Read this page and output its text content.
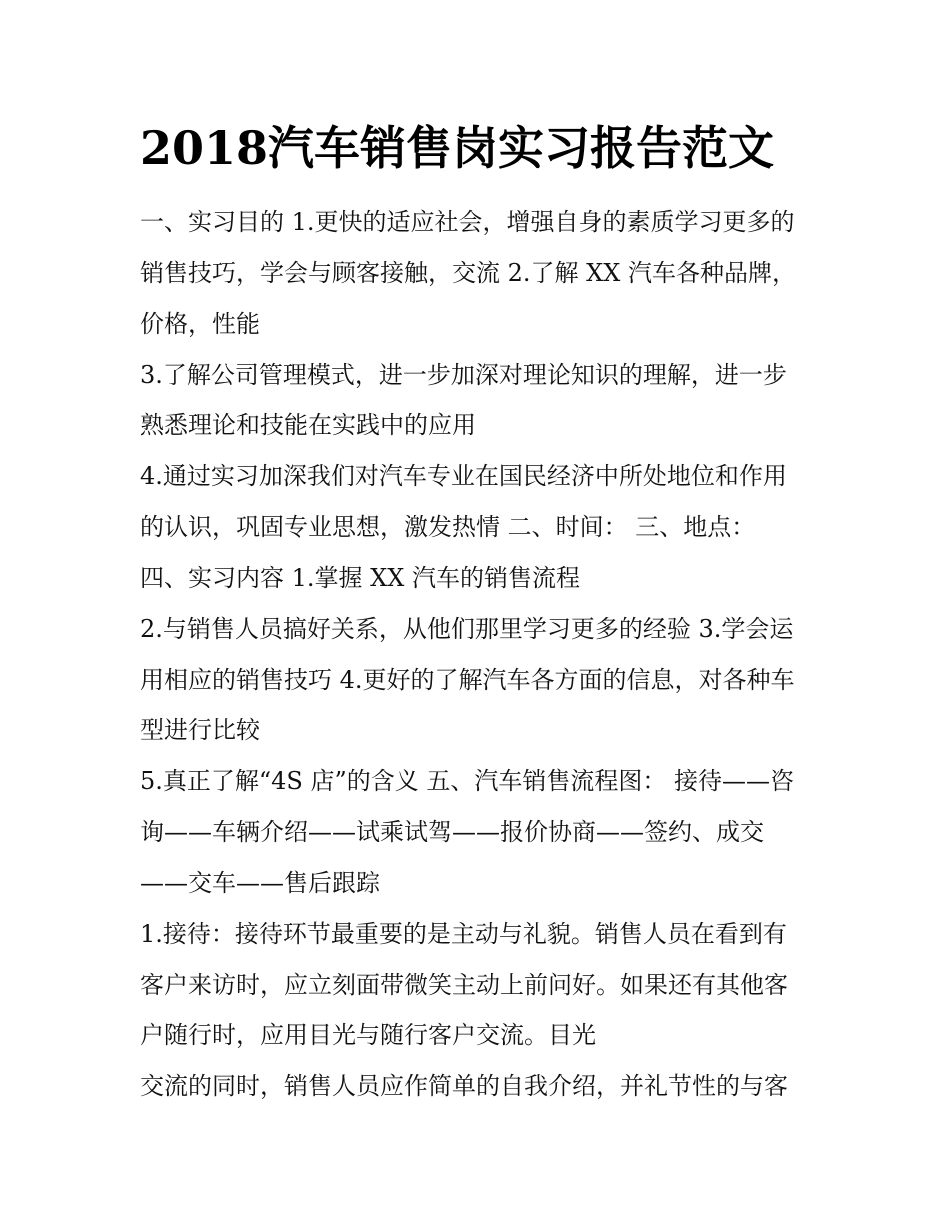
2018汽车销售岗实习报告范文

一、实习目的 1.更快的适应社会，增强自身的素质学习更多的

销售技巧，学会与顾客接触，交流 2.了解 XX 汽车各种品牌，

价格，性能

3.了解公司管理模式，进一步加深对理论知识的理解，进一步

熟悉理论和技能在实践中的应用

4.通过实习加深我们对汽车专业在国民经济中所处地位和作用

的认识，巩固专业思想，激发热情 二、时间： 三、地点：

四、实习内容 1.掌握 XX 汽车的销售流程

2.与销售人员搞好关系，从他们那里学习更多的经验 3.学会运

用相应的销售技巧 4.更好的了解汽车各方面的信息，对各种车

型进行比较

5.真正了解“4S 店”的含义 五、汽车销售流程图： 接待——咨

询——车辆介绍——试乘试驾——报价协商——签约、成交

——交车——售后跟踪

1.接待：接待环节最重要的是主动与礼貌。销售人员在看到有

客户来访时，应立刻面带微笑主动上前问好。如果还有其他客

户随行时，应用目光与随行客户交流。目光

交流的同时，销售人员应作简单的自我介绍，并礼节性的与客
